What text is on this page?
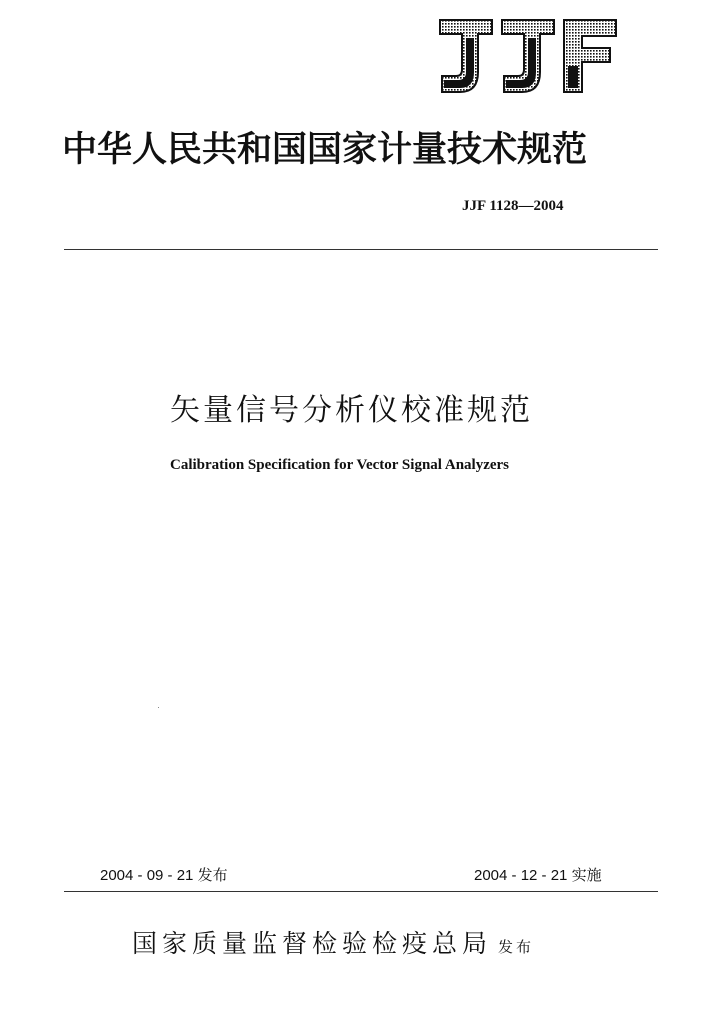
中华人民共和国国家计量技术规范
JJF 1128—2004
矢量信号分析仪校准规范
Calibration Specification for Vector Signal Analyzers
2004 - 09 - 21 发布	2004 - 12 - 21 实施
国家质量监督检验检疫总局 发布
